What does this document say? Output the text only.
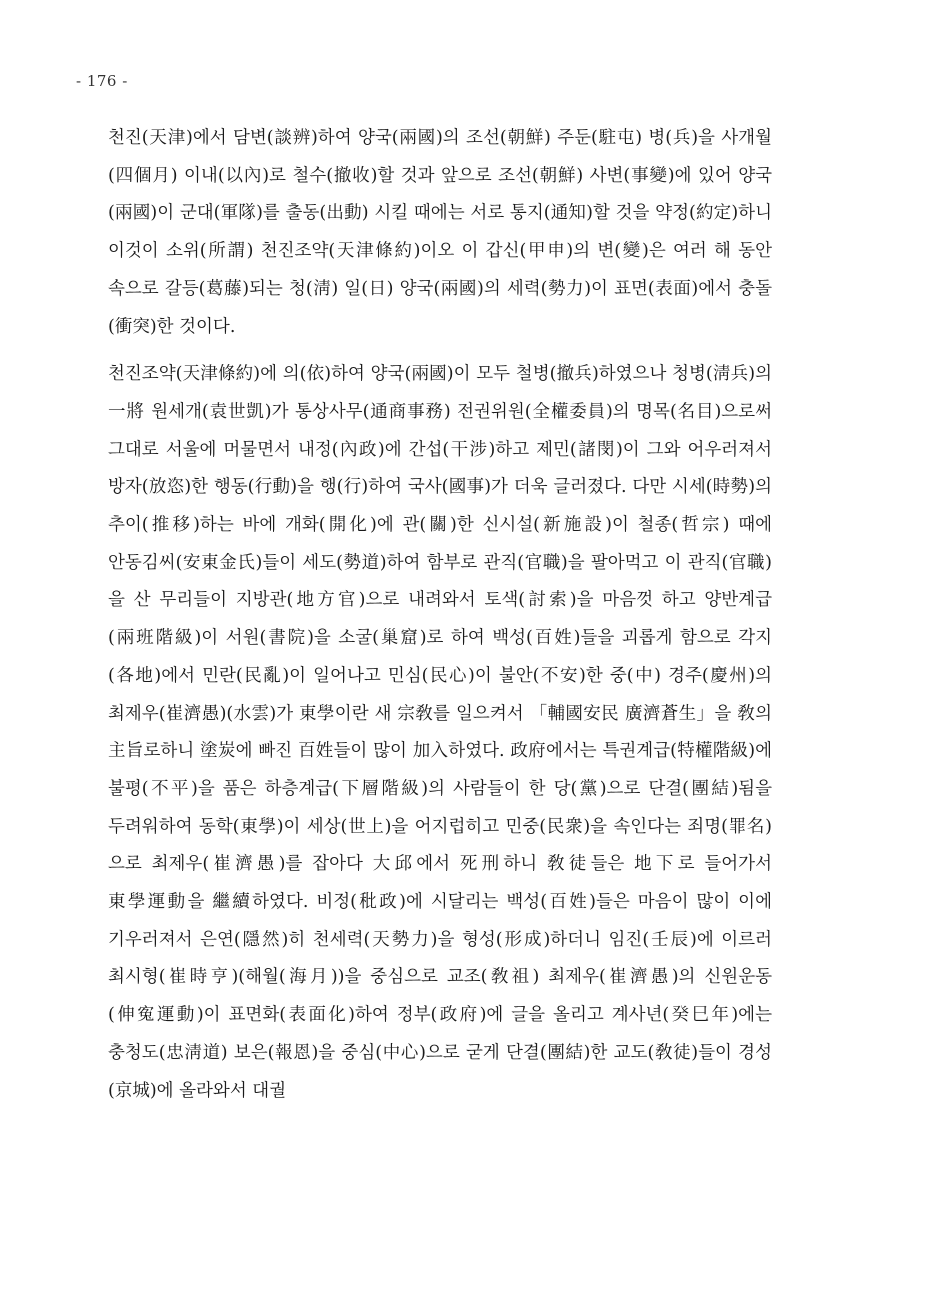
- 176 -

천진(天津)에서 담변(談辨)하여 양국(兩國)의 조선(朝鮮) 주둔(駐屯) 병(兵)을 사개월(四個月) 이내(以內)로 철수(撤收)할 것과 앞으로 조선(朝鮮) 사변(事變)에 있어 양국(兩國)이 군대(軍隊)를 출동(出動) 시킬 때에는 서로 통지(通知)할 것을 약정(約定)하니 이것이 소위(所謂) 천진조약(天津條約)이오 이 갑신(甲申)의 변(變)은 여러 해 동안 속으로 갈등(葛藤)되는 청(淸) 일(日) 양국(兩國)의 세력(勢力)이 표면(表面)에서 충돌(衝突)한 것이다.

천진조약(天津條約)에 의(依)하여 양국(兩國)이 모두 철병(撤兵)하였으나 청병(淸兵)의 一將 원세개(袁世凱)가 통상사무(通商事務) 전권위원(全權委員)의 명목(名目)으로써 그대로 서울에 머물면서 내정(內政)에 간섭(干涉)하고 제민(諸閔)이 그와 어우러져서 방자(放恣)한 행동(行動)을 행(行)하여 국사(國事)가 더욱 글러졌다. 다만 시세(時勢)의 추이(推移)하는 바에 개화(開化)에 관(關)한 신시설(新施設)이 철종(哲宗) 때에 안동김씨(安東金氏)들이 세도(勢道)하여 함부로 관직(官職)을 팔아먹고 이 관직(官職)을 산 무리들이 지방관(地方官)으로 내려와서 토색(討索)을 마음껏 하고 양반계급(兩班階級)이 서원(書院)을 소굴(巢窟)로 하여 백성(百姓)들을 괴롭게 함으로 각지(各地)에서 민란(民亂)이 일어나고 민심(民心)이 불안(不安)한 중(中) 경주(慶州)의 최제우(崔濟愚)(水雲)가 東學이란 새 宗敎를 일으켜서 「輔國安民 廣濟蒼生」을 敎의 主旨로하니 塗炭에 빠진 百姓들이 많이 加入하였다. 政府에서는 특권계급(特權階級)에 불평(不平)을 품은 하층계급(下層階級)의 사람들이 한 당(黨)으로 단결(團結)됨을 두려워하여 동학(東學)이 세상(世上)을 어지럽히고 민중(民衆)을 속인다는 죄명(罪名)으로 최제우(崔濟愚)를 잡아다 大邱에서 死刑하니 敎徒들은 地下로 들어가서 東學運動을 繼續하였다. 비정(秕政)에 시달리는 백성(百姓)들은 마음이 많이 이에 기우러져서 은연(隱然)히 천세력(天勢力)을 형성(形成)하더니 임진(壬辰)에 이르러 최시형(崔時亨)(해월(海月))을 중심으로 교조(敎祖) 최제우(崔濟愚)의 신원운동(伸寃運動)이 표면화(表面化)하여 정부(政府)에 글을 올리고 계사년(癸巳年)에는 충청도(忠淸道) 보은(報恩)을 중심(中心)으로 굳게 단결(團結)한 교도(敎徒)들이 경성(京城)에 올라와서 대궐
